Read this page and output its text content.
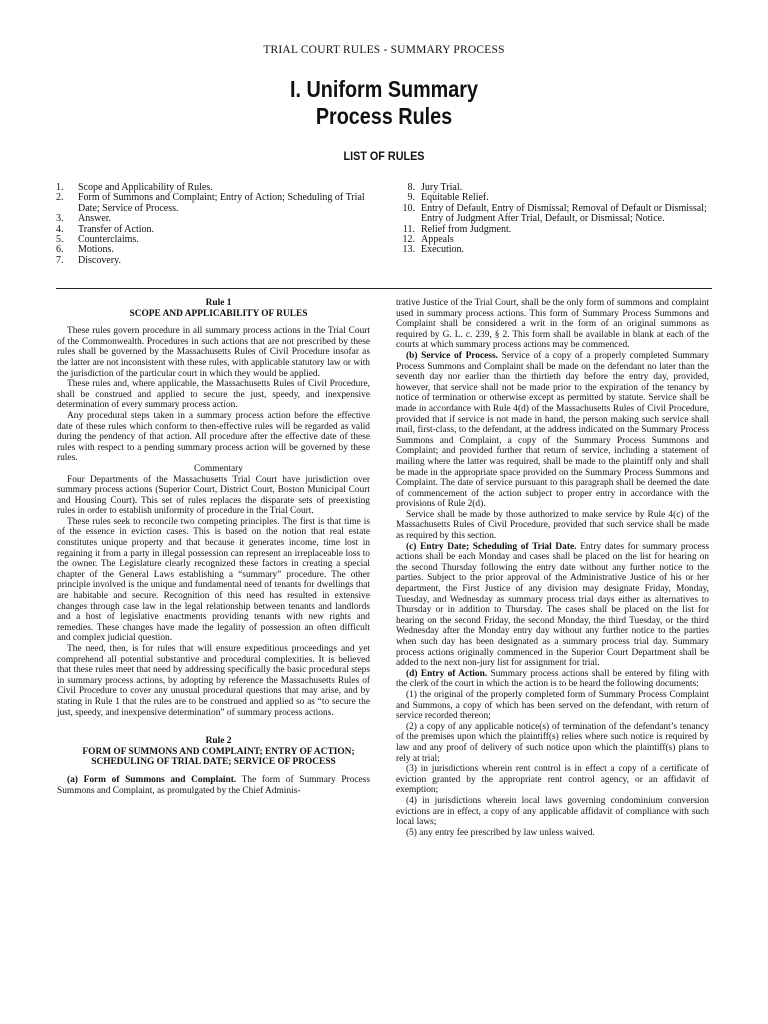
TRIAL COURT RULES - SUMMARY PROCESS
I. Uniform Summary
Process Rules
LIST OF RULES
1.	Scope and Applicability of Rules.
2.	Form of Summons and Complaint; Entry of Action; Scheduling of Trial Date; Service of Process.
3.	Answer.
4.	Transfer of Action.
5.	Counterclaims.
6.	Motions.
7.	Discovery.
8. Jury Trial.
9. Equitable Relief.
10. Entry of Default, Entry of Dismissal; Removal of Default or Dismissal; Entry of Judgment After Trial, Default, or Dismissal; Notice.
11. Relief from Judgment.
12. Appeals
13. Execution.

Rule 1

SCOPE AND APPLICABILITY OF RULES

These rules govern procedure in all summary process actions in the Trial Court of the Commonwealth. Procedures in such actions that are not prescribed by these rules shall be governed by the Massachusetts Rules of Civil Procedure insofar as the latter are not inconsistent with these rules, with applicable statutory law or with the jurisdiction of the particular court in which they would be applied.

These rules and, where applicable, the Massachusetts Rules of Civil Procedure, shall be construed and applied to secure the just, speedy, and inexpensive determination of every summary process action.

Any procedural steps taken in a summary process action before the effective date of these rules which conform to then-effective rules will be regarded as valid during the pendency of that action. All procedure after the effective date of these rules with respect to a pending summary process action will be governed by these rules.

Commentary

Four Departments of the Massachusetts Trial Court have jurisdiction over summary process actions (Superior Court, District Court, Boston Municipal Court and Housing Court). This set of rules replaces the disparate sets of preexisting rules in order to establish uniformity of procedure in the Trial Court.

These rules seek to reconcile two competing principles. The first is that time is of the essence in eviction cases. This is based on the notion that real estate constitutes unique property and that because it generates income, time lost in regaining it from a party in illegal possession can represent an irreplaceable loss to the owner. The Legislature clearly recognized these factors in creating a special chapter of the General Laws establishing a “summary” procedure. The other principle involved is the unique and fundamental need of tenants for dwellings that are habitable and secure. Recognition of this need has resulted in extensive changes through case law in the legal relationship between tenants and landlords and a host of legislative enactments providing tenants with new rights and remedies. These changes have made the legality of possession an often difficult and complex judicial question.

The need, then, is for rules that will ensure expeditious proceedings and yet comprehend all potential substantive and procedural complexities. It is believed that these rules meet that need by addressing specifically the basic procedural steps in summary process actions, by adopting by reference the Massachusetts Rules of Civil Procedure to cover any unusual procedural questions that may arise, and by stating in Rule 1 that the rules are to be construed and applied so as “to secure the just, speedy, and inexpensive determination” of summary process actions.

Rule 2

FORM OF SUMMONS AND COMPLAINT; ENTRY OF ACTION; SCHEDULING OF TRIAL DATE; SERVICE OF PROCESS

(a) Form of Summons and Complaint. The form of Summary Process Summons and Complaint, as promulgated by the Chief Adminis-

trative Justice of the Trial Court, shall be the only form of summons and complaint used in summary process actions. This form of Summary Process Summons and Complaint shall be considered a writ in the form of an original summons as required by G. L. c. 239, § 2. This form shall be available in blank at each of the courts at which summary process actions may be commenced.

(b) Service of Process. Service of a copy of a properly completed Summary Process Summons and Complaint shall be made on the defendant no later than the seventh day nor earlier than the thirtieth day before the entry day, provided, however, that service shall not be made prior to the expiration of the tenancy by notice of termination or otherwise except as permitted by statute. Service shall be made in accordance with Rule 4(d) of the Massachusetts Rules of Civil Procedure, provided that if service is not made in hand, the person making such service shall mail, first-class, to the defendant, at the address indicated on the Summary Process Summons and Complaint, a copy of the Summary Process Summons and Complaint; and provided further that return of service, including a statement of mailing where the latter was required, shall be made to the plaintiff only and shall be made in the appropriate space provided on the Summary Process Summons and Complaint. The date of service pursuant to this paragraph shall be deemed the date of commencement of the action subject to proper entry in accordance with the provisions of Rule 2(d).

Service shall be made by those authorized to make service by Rule 4(c) of the Massachusetts Rules of Civil Procedure, provided that such service shall be made as required by this section.

(c) Entry Date; Scheduling of Trial Date. Entry dates for summary process actions shall be each Monday and cases shall be placed on the list for hearing on the second Thursday following the entry date without any further notice to the parties. Subject to the prior approval of the Administrative Justice of his or her department, the First Justice of any division may designate Friday, Monday, Tuesday, and Wednesday as summary process trial days either as alternatives to Thursday or in addition to Thursday. The cases shall be placed on the list for hearing on the second Friday, the second Monday, the third Tuesday, or the third Wednesday after the Monday entry day without any further notice to the parties when such day has been designated as a summary process trial day. Summary process actions originally commenced in the Superior Court Department shall be added to the next non-jury list for assignment for trial.

(d) Entry of Action. Summary process actions shall be entered by filing with the clerk of the court in which the action is to be heard the following documents:

(1) the original of the properly completed form of Summary Process Complaint and Summons, a copy of which has been served on the defendant, with return of service recorded thereon;

(2) a copy of any applicable notice(s) of termination of the defendant’s tenancy of the premises upon which the plaintiff(s) relies where such notice is required by law and any proof of delivery of such notice upon which the plaintiff(s) plans to rely at trial;

(3) in jurisdictions wherein rent control is in effect a copy of a certificate of eviction granted by the appropriate rent control agency, or an affidavit of exemption;

(4) in jurisdictions wherein local laws governing condominium conversion evictions are in effect, a copy of any applicable affidavit of compliance with such local laws;

(5) any entry fee prescribed by law unless waived.
